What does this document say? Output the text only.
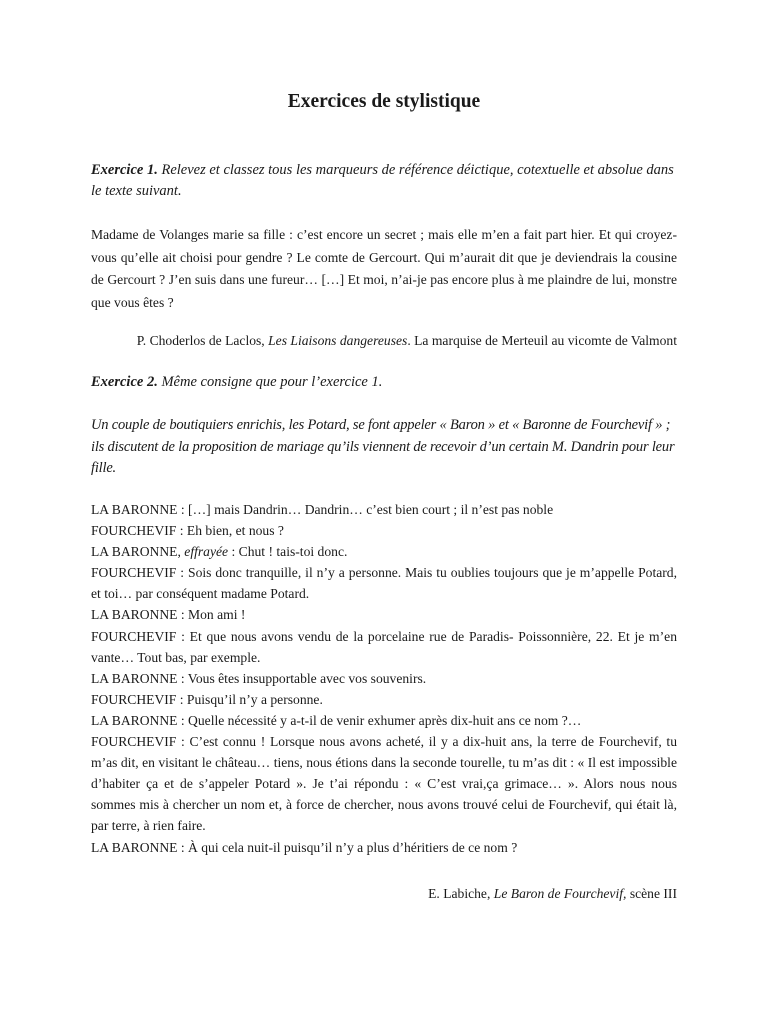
Exercices de stylistique

Exercice 1. Relevez et classez tous les marqueurs de référence déictique, cotextuelle et absolue dans le texte suivant.

Madame de Volanges marie sa fille : c’est encore un secret ; mais elle m’en a fait part hier. Et qui croyez-vous qu’elle ait choisi pour gendre ? Le comte de Gercourt. Qui m’aurait dit que je deviendrais la cousine de Gercourt ? J’en suis dans une fureur… […] Et moi, n’ai-je pas encore plus à me plaindre de lui, monstre que vous êtes ?

P. Choderlos de Laclos, Les Liaisons dangereuses. La marquise de Merteuil au vicomte de Valmont

Exercice 2. Même consigne que pour l’exercice 1.

Un couple de boutiquiers enrichis, les Potard, se font appeler « Baron » et « Baronne de Fourchevif » ; ils discutent de la proposition de mariage qu’ils viennent de recevoir d’un certain M. Dandrin pour leur fille.

LA BARONNE : […] mais Dandrin… Dandrin… c’est bien court ; il n’est pas noble
FOURCHEVIF : Eh bien, et nous ?
LA BARONNE, effrayée : Chut ! tais-toi donc.
FOURCHEVIF : Sois donc tranquille, il n’y a personne. Mais tu oublies toujours que je m’appelle Potard, et toi… par conséquent madame Potard.
LA BARONNE : Mon ami !
FOURCHEVIF : Et que nous avons vendu de la porcelaine rue de Paradis- Poissonnière, 22. Et je m’en vante… Tout bas, par exemple.
LA BARONNE : Vous êtes insupportable avec vos souvenirs.
FOURCHEVIF : Puisqu’il n’y a personne.
LA BARONNE : Quelle nécessité y a-t-il de venir exhumer après dix-huit ans ce nom ?…
FOURCHEVIF : C’est connu ! Lorsque nous avons acheté, il y a dix-huit ans, la terre de Fourchevif, tu m’as dit, en visitant le château… tiens, nous étions dans la seconde tourelle, tu m’as dit : « Il est impossible d’habiter ça et de s’appeler Potard ». Je t’ai répondu : « C’est vrai,ça grimace… ». Alors nous nous sommes mis à chercher un nom et, à force de chercher, nous avons trouvé celui de Fourchevif, qui était là, par terre, à rien faire.
LA BARONNE : À qui cela nuit-il puisqu’il n’y a plus d’héritiers de ce nom ?

E. Labiche, Le Baron de Fourchevif, scène III
